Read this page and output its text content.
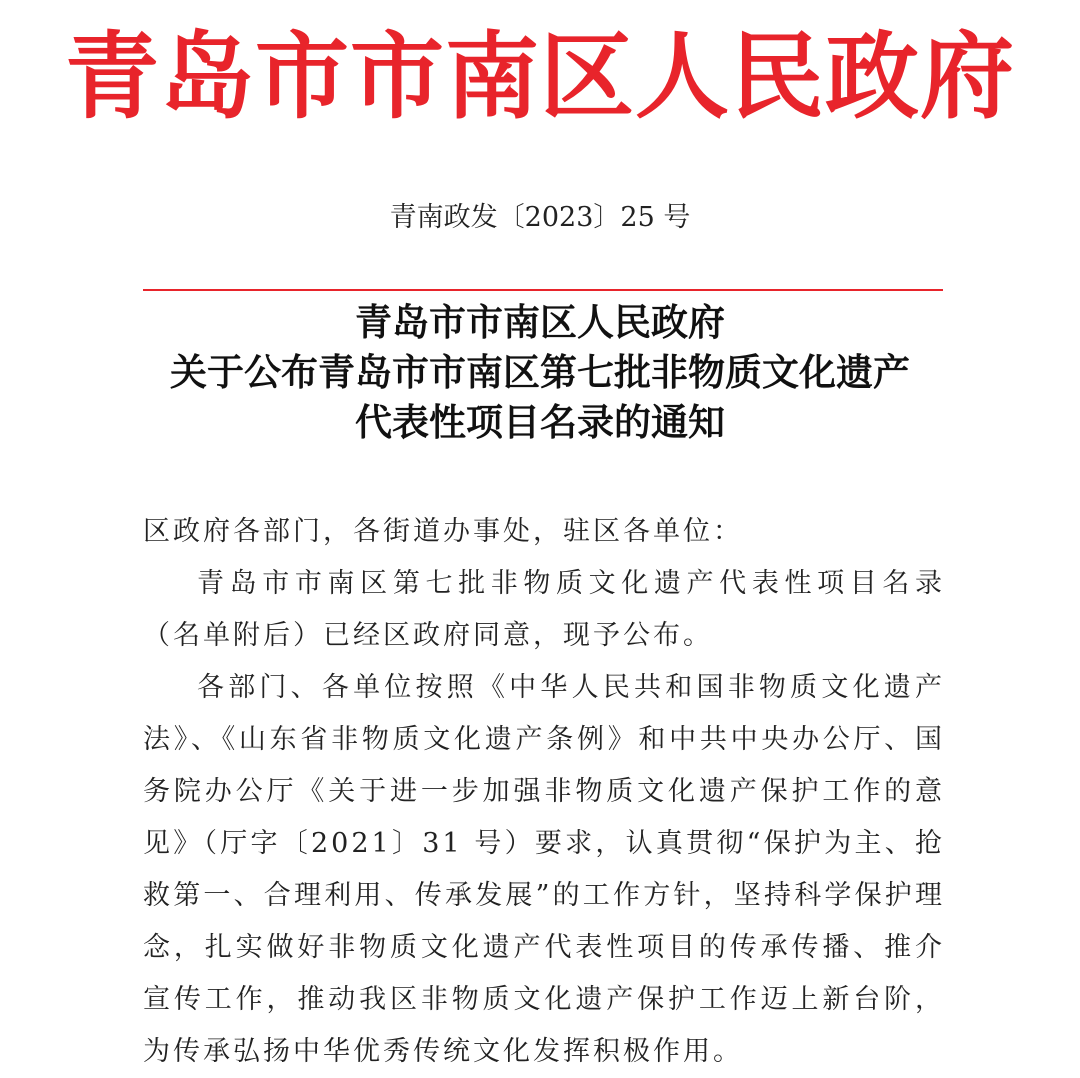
青岛市市南区人民政府
青南政发〔2023〕25 号
青岛市市南区人民政府
关于公布青岛市市南区第七批非物质文化遗产
代表性项目名录的通知

区政府各部门，各街道办事处，驻区各单位：

青岛市市南区第七批非物质文化遗产代表性项目名录（名单附后）已经区政府同意，现予公布。

各部门、各单位按照《中华人民共和国非物质文化遗产法》、《山东省非物质文化遗产条例》和中共中央办公厅、国务院办公厅《关于进一步加强非物质文化遗产保护工作的意见》（厅字〔2021〕31 号）要求，认真贯彻“保护为主、抢救第一、合理利用、传承发展”的工作方针，坚持科学保护理念，扎实做好非物质文化遗产代表性项目的传承传播、推介宣传工作，推动我区非物质文化遗产保护工作迈上新台阶，为传承弘扬中华优秀传统文化发挥积极作用。
